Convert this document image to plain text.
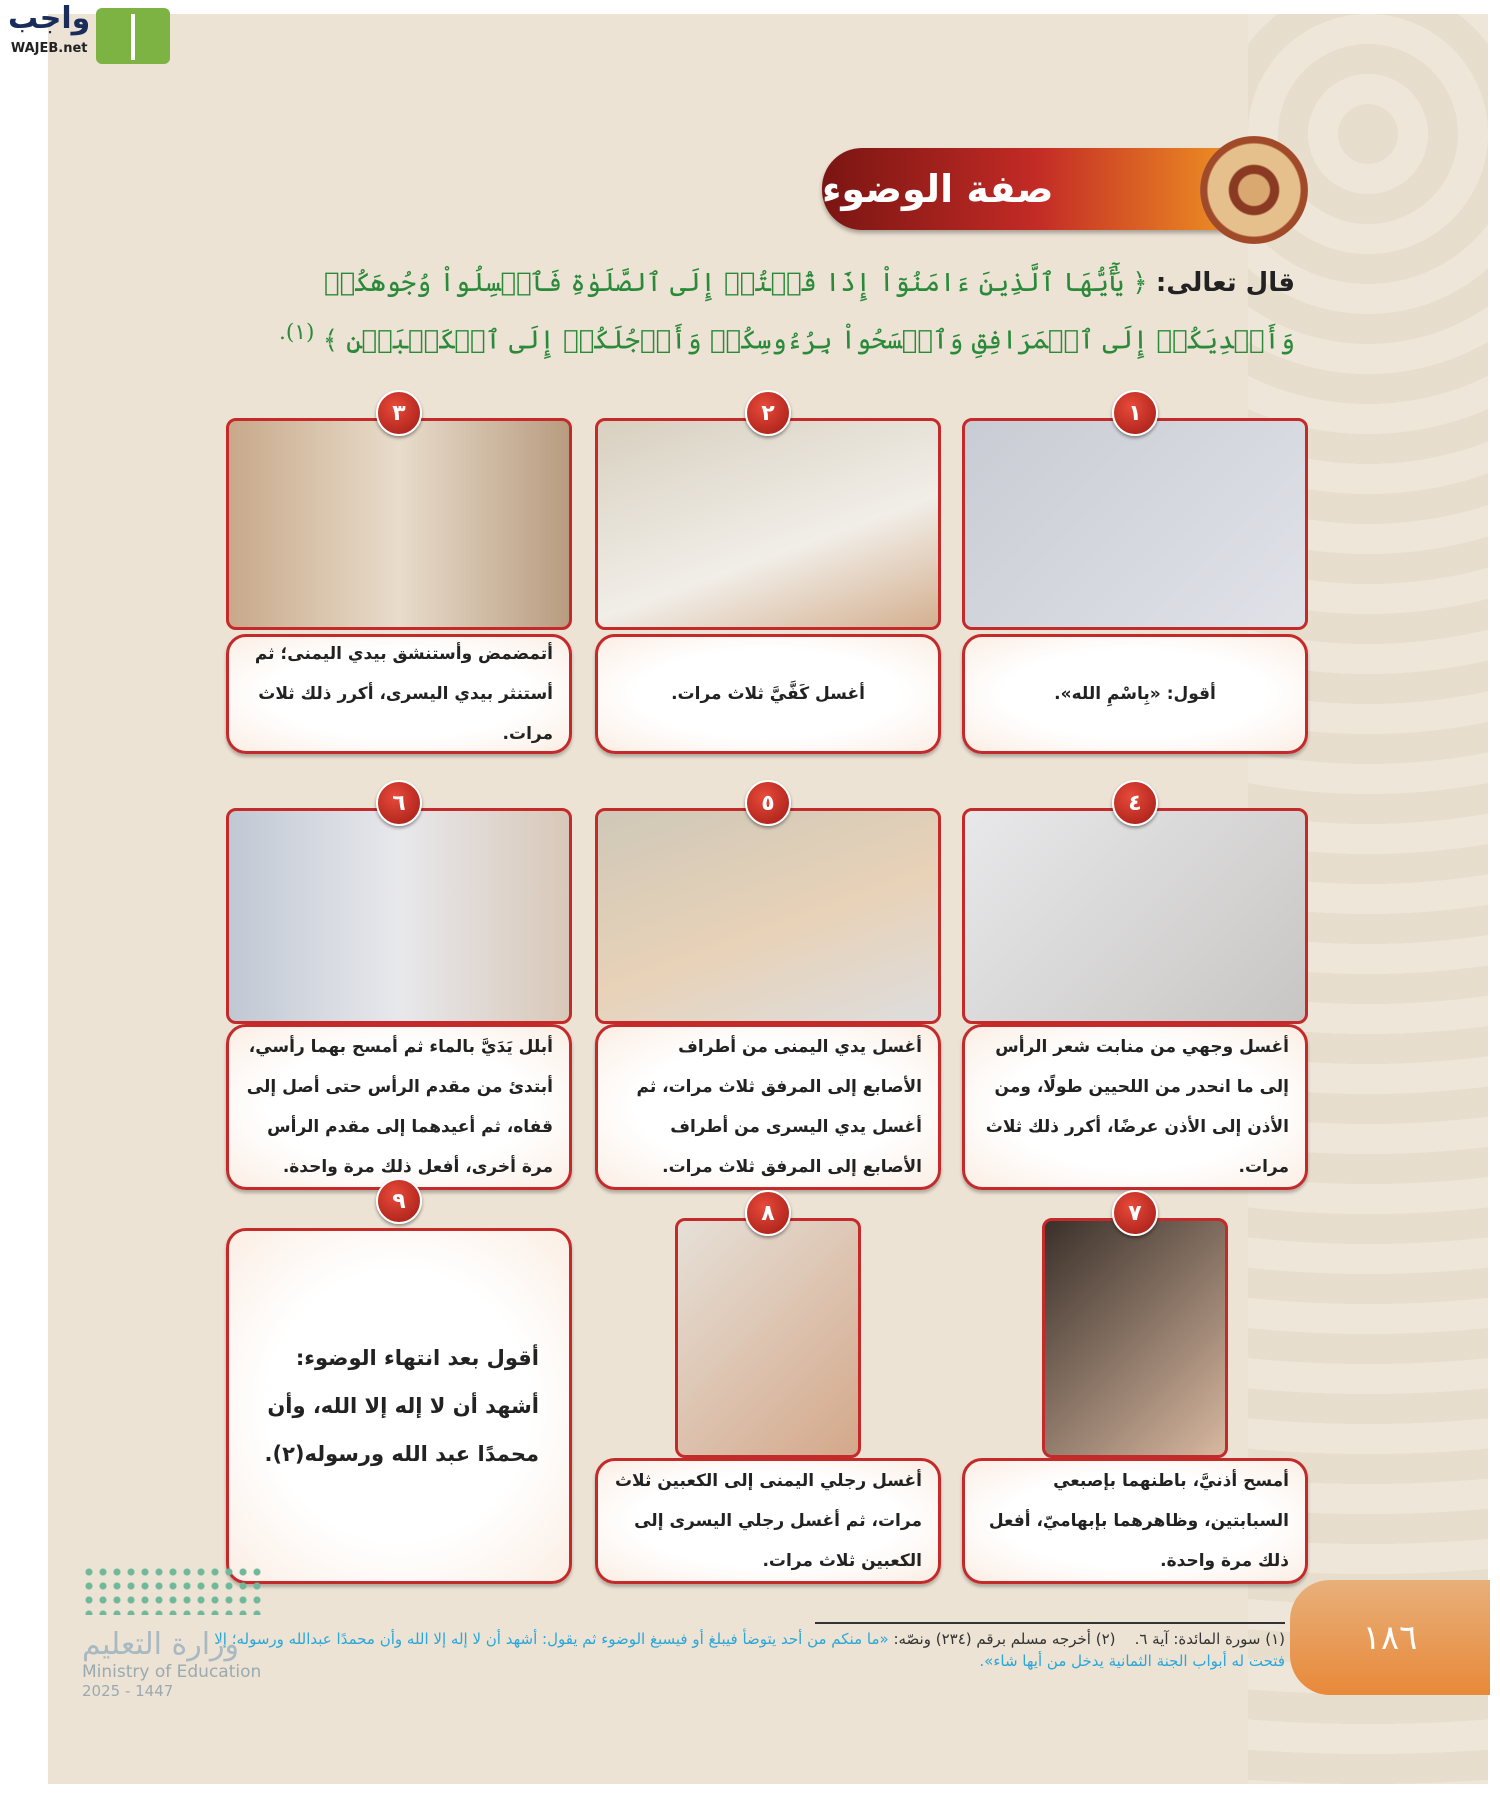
واجب
WAJEB.net
صفة الوضوء
قال تعالى: ﴿ يَٰٓأَيُّهَا ٱلَّذِينَ ءَامَنُوٓاْ إِذَا قُمۡتُمۡ إِلَى ٱلصَّلَوٰةِ فَٱغۡسِلُواْ وُجُوهَكُمۡ وَأَيۡدِيَكُمۡ إِلَى ٱلۡمَرَافِقِ وَٱمۡسَحُواْ بِرُءُوسِكُمۡ وَأَرۡجُلَكُمۡ إِلَى ٱلۡكَعۡبَيۡنِ ﴾ $^{(١).}$
أقول: «بِاسْمِ الله».
١
أغسل كَفَّيَّ ثلاث مرات.
٢
أتمضمض وأستنشق بيدي اليمنى؛ ثم أستنثر بيدي اليسرى، أكرر ذلك ثلاث مرات.
٣
أغسل وجهي من منابت شعر الرأس إلى ما انحدر من اللحيين طولًا، ومن الأذن إلى الأذن عرضًا، أكرر ذلك ثلاث مرات.
٤
أغسل يدي اليمنى من أطراف الأصابع إلى المرفق ثلاث مرات، ثم أغسل يدي اليسرى من أطراف الأصابع إلى المرفق ثلاث مرات.
٥
أبلل يَدَيَّ بالماء ثم أمسح بهما رأسي، أبتدئ من مقدم الرأس حتى أصل إلى قفاه، ثم أعيدهما إلى مقدم الرأس مرة أخرى، أفعل ذلك مرة واحدة.
٦
أمسح أذنيَّ، باطنهما بإصبعي السبابتين، وظاهرهما بإبهاميّ، أفعل ذلك مرة واحدة.
٧
أغسل رجلي اليمنى إلى الكعبين ثلاث مرات، ثم أغسل رجلي اليسرى إلى الكعبين ثلاث مرات.
٨
أقول بعد انتهاء الوضوء: أشهد أن لا إله إلا الله، وأن محمدًا عبد الله ورسوله(٢).
٩
(١) سورة المائدة: آية ٦.    (٢) أخرجه مسلم برقم (٢٣٤) ونصّه: «ما منكم من أحد يتوضأ فيبلغ أو فيسبغ الوضوء ثم يقول: أشهد أن لا إله إلا الله وأن محمدًا عبدالله ورسوله؛ إلا فتحت له أبواب الجنة الثمانية يدخل من أيها شاء».
١٨٦
وزارة التعليم
Ministry of Education
2025 - 1447
